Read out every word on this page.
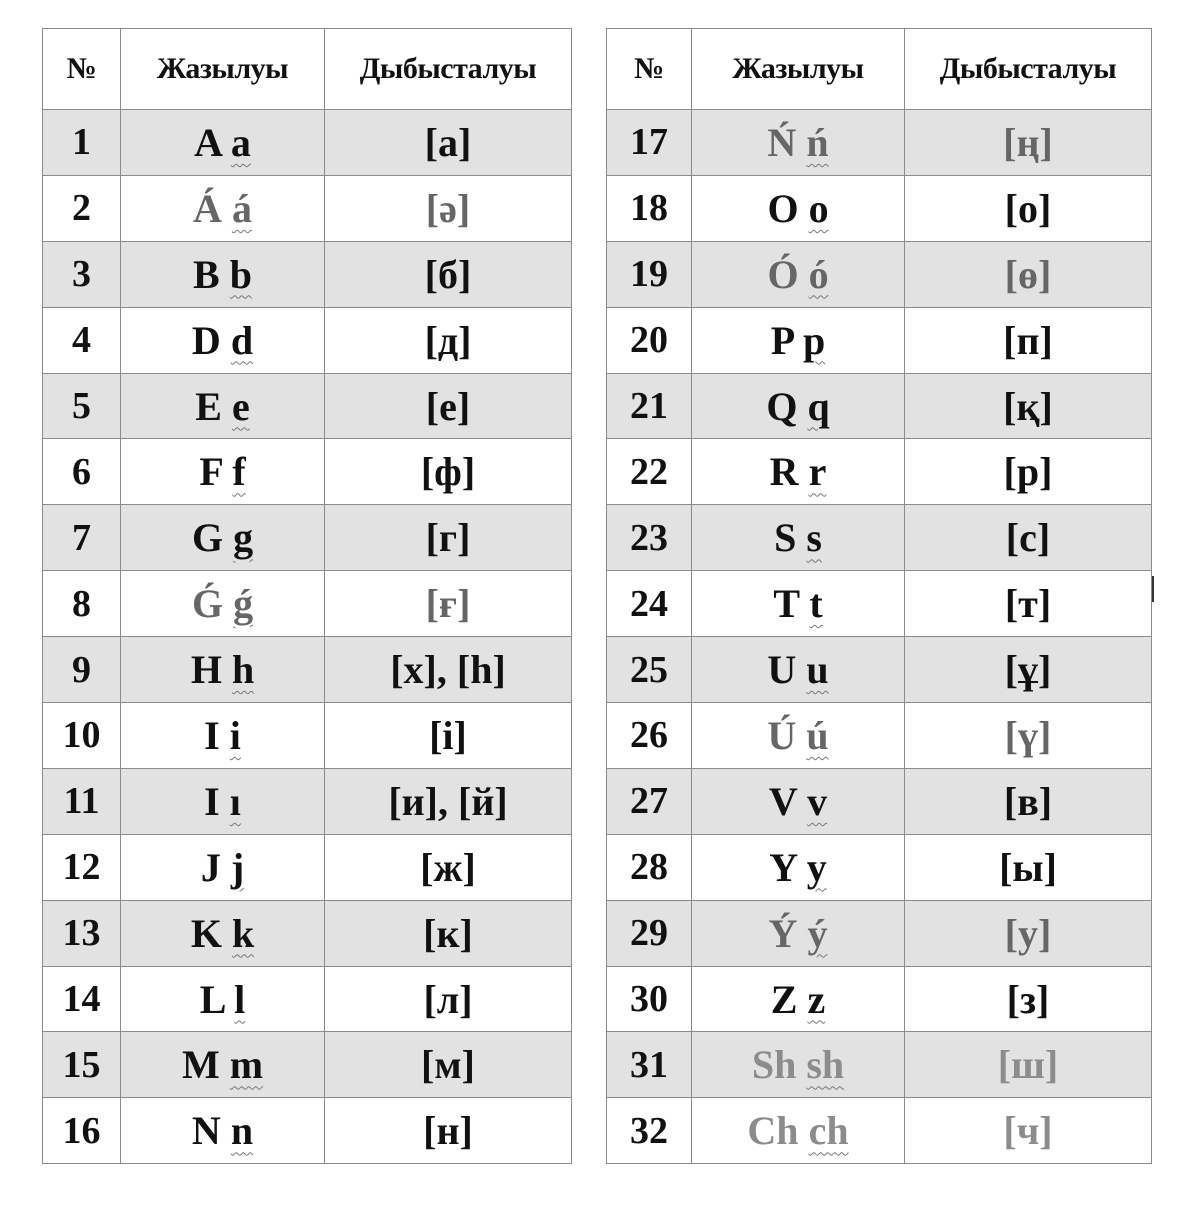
№	Жазылуы	Дыбысталуы
1	A a	[а]
2	Á á	[ə]
3	B b	[б]
4	D d	[д]
5	E e	[е]
6	F f	[ф]
7	G g	[г]
8	Ǵ ǵ	[ғ]
9	H h	[x], [h]
10	I i	[і]
11	I ı	[и], [й]
12	J j	[ж]
13	K k	[к]
14	L l	[л]
15	M m	[м]
16	N n	[н]
№	Жазылуы	Дыбысталуы
17	Ń ń	[ң]
18	O o	[о]
19	Ó ó	[ө]
20	P p	[п]
21	Q q	[қ]
22	R r	[р]
23	S s	[с]
24	T t	[т]
25	U u	[ұ]
26	Ú ú	[ү]
27	V v	[в]
28	Y y	[ы]
29	Ý ý	[у]
30	Z z	[з]
31	Sh sh	[ш]
32	Ch ch	[ч]
